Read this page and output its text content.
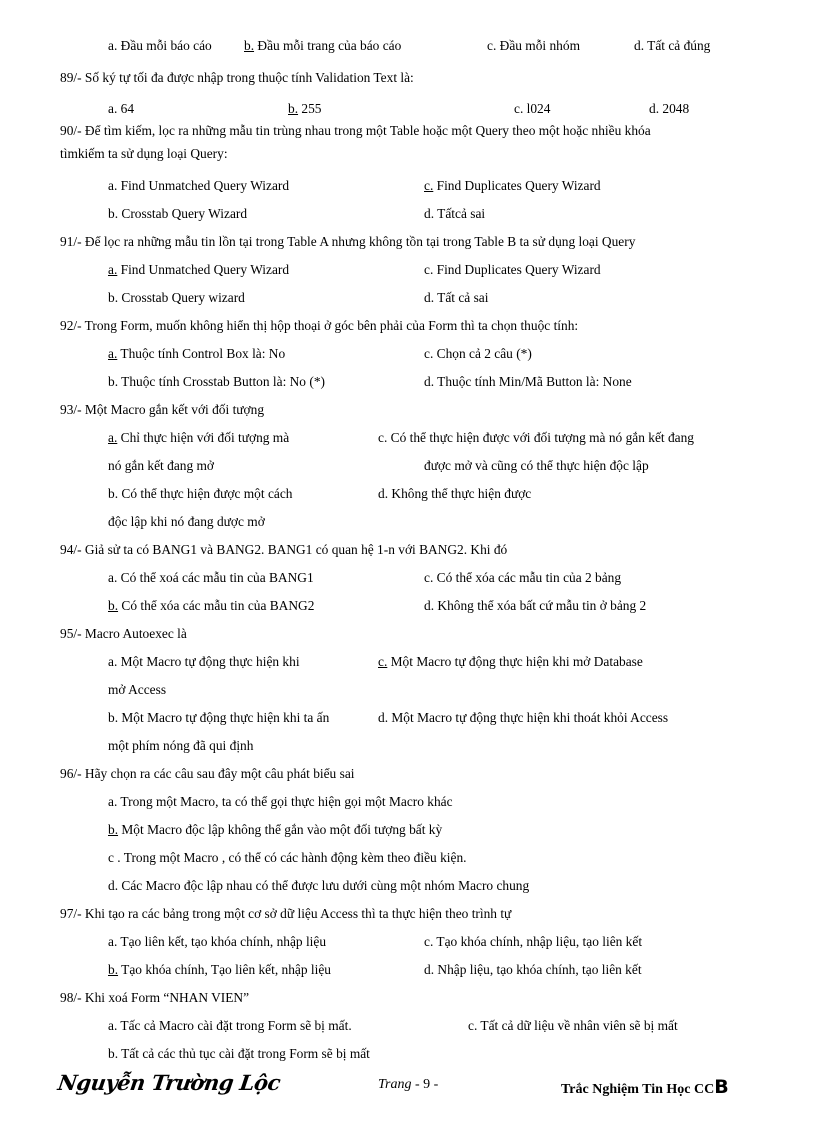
a. Đầu mỗi báo cáo b. Đầu mỗi trang của báo cáo	c. Đầu mỗi nhóm	d. Tất cả đúng
89/- Số ký tự tối đa được nhập trong thuộc tính Validation Text là:
a. 64	b. 255	c. l024	d. 2048
90/- Để tìm kiếm, lọc ra những mẫu tin trùng nhau trong một Table hoặc một Query theo một hoặc nhiều khóa
tìmkiếm ta sử dụng loại Query:
a. Find Unmatched Query Wizard	c. Find Duplicates Query Wizard
b. Crosstab Query Wizard	d. Tấtcả sai
91/- Để lọc ra những mẫu tin lồn tại trong Table A nhưng không tồn tại trong Table B ta sử dụng loại Query
a. Find Unmatched Query Wizard	c. Find Duplicates Query Wizard
b. Crosstab Query wizard	d. Tất cả sai
92/- Trong Form, muốn không hiển thị hộp thoại ở góc bên phải của Form thì ta chọn thuộc tính:
a. Thuộc tính Control Box là: No	c. Chọn cả 2 câu (*)
b. Thuộc tính Crosstab Button là: No (*)	d. Thuộc tính Min/Mã Button là: None
93/- Một Macro gắn kết với đối tượng
a. Chỉ thực hiện với đối tượng mà
nó gắn kết đang mở
c. Có thể thực hiện được với đối tượng mà nó gắn kết đang
được mở và cũng có thể thực hiện độc lập
b. Có thể thực hiện được một cách
độc lập khi nó đang dược mở
d. Không thể thực hiện được
94/- Giả sử ta có BANG1 và BANG2. BANG1 có quan hệ 1-n với BANG2. Khi đó
a. Có thể xoá các mẫu tin của BANG1	c. Có thể xóa các mẫu tin của 2 bảng
b. Có thể xóa các mẫu tin của BANG2	d. Không thể xóa bất cứ mẫu tin ở bảng 2
95/- Macro Autoexec là
a. Một Macro tự động thực hiện khi
mở Access
c. Một Macro tự động thực hiện khi mở Database
b. Một Macro tự động thực hiện khi ta ấn
một phím nóng đã qui định
d. Một Macro tự động thực hiện khi thoát khỏi Access
96/- Hãy chọn ra các câu sau đây một câu phát biểu sai
a. Trong một Macro, ta có thể gọi thực hiện gọi một Macro khác
b. Một Macro độc lập không thể gắn vào một đối tượng bất kỳ
c . Trong một Macro , có thể có các hành động kèm theo điều kiện.
d. Các Macro độc lập nhau có thể được lưu dưới cùng một nhóm Macro chung
97/- Khi tạo ra các bảng trong một cơ sở dữ liệu Access thì ta thực hiện theo trình tự
a. Tạo liên kết, tạo khóa chính, nhập liệu	c. Tạo khóa chính, nhập liệu, tạo liên kết
b. Tạo khóa chính, Tạo liên kết, nhập liệu	d. Nhập liệu, tạo khóa chính, tạo liên kết
98/- Khi xoá Form “NHAN VIEN”
a. Tấc cả Macro cài đặt trong Form sẽ bị mất.	c. Tất cả dữ liệu về nhân viên sẽ bị mất
b. Tất cả các thủ tục cài đặt trong Form sẽ bị mất
Nguyễn Trường Lộc	Trang - 9 -	Trắc Nghiệm Tin Học CCB
